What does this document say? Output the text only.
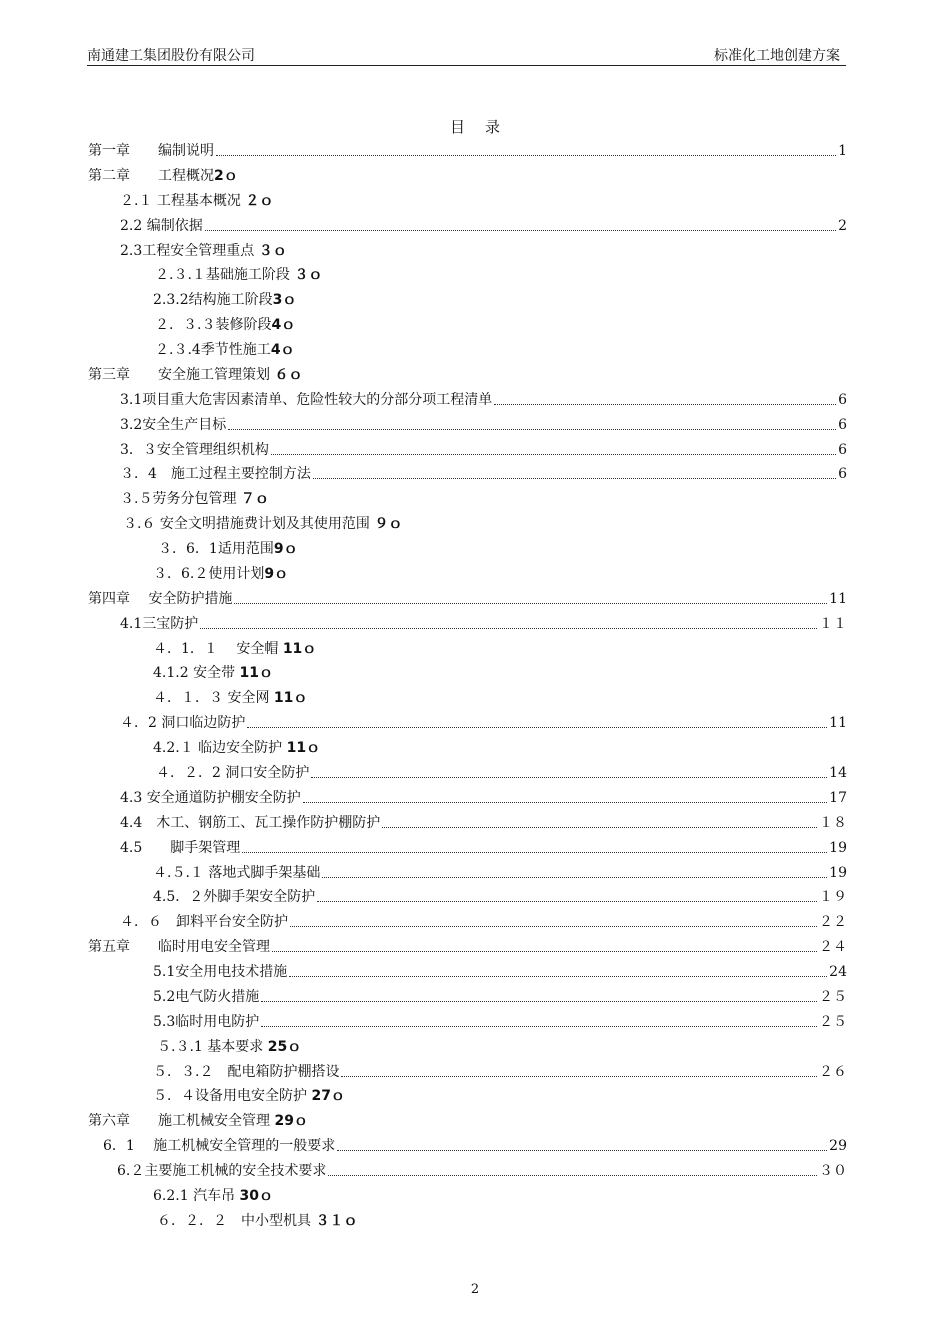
南通建工集团股份有限公司	标准化工地创建方案
目 录
第一章　　编制说明	1
第二章　　工程概况 2ｏ
２.１ 工程基本概况 ２ｏ
2.2 编制依据	2
2.3工程安全管理重点 ３ｏ
２.３.１基础施工阶段 ３ｏ
2.3.2结构施工阶段 3ｏ
２．３.３装修阶段 4ｏ
２.３.4季节性施工 4ｏ
第三章　　安全施工管理策划 ６ｏ
3.1项目重大危害因素清单、危险性较大的分部分项工程清单	6
3.2安全生产目标	6
3．３安全管理组织机构	6
３．4　施工过程主要控制方法	6
３.５劳务分包管理 ７ｏ
３.６ 安全文明措施费计划及其使用范围 ９ｏ
３．6．1适用范围 9ｏ
３．6.２使用计划 9ｏ
第四章　 安全防护措施	11
4.1三宝防护	１１
４．1．１　 安全帽 11ｏ
4.1.2 安全带 11ｏ
４．１．３ 安全网 11ｏ
４．2 洞口临边防护	11
4.2.１ 临边安全防护 11ｏ
４．２．2 洞口安全防护	14
4.3 安全通道防护棚安全防护	17
4.4　木工、钢筋工、瓦工操作防护棚防护	１８
4.5　　脚手架管理	19
４.５.１ 落地式脚手架基础	19
4.5．２外脚手架安全防护	１９
４．６　卸料平台安全防护	２２
第五章　　临时用电安全管理	２４
5.1安全用电技术措施	24
5.2电气防火措施	２５
5.3临时用电防护	２５
５.３.1 基本要求 25ｏ
５．３.２　配电箱防护棚搭设	２６
５．４设备用电安全防护 27ｏ
第六章　　施工机械安全管理 29ｏ
6．1　 施工机械安全管理的一般要求	29
6.２主要施工机械的安全技术要求	３０
6.2.1 汽车吊 30ｏ
６．２．２　中小型机具 ３１ｏ
2
